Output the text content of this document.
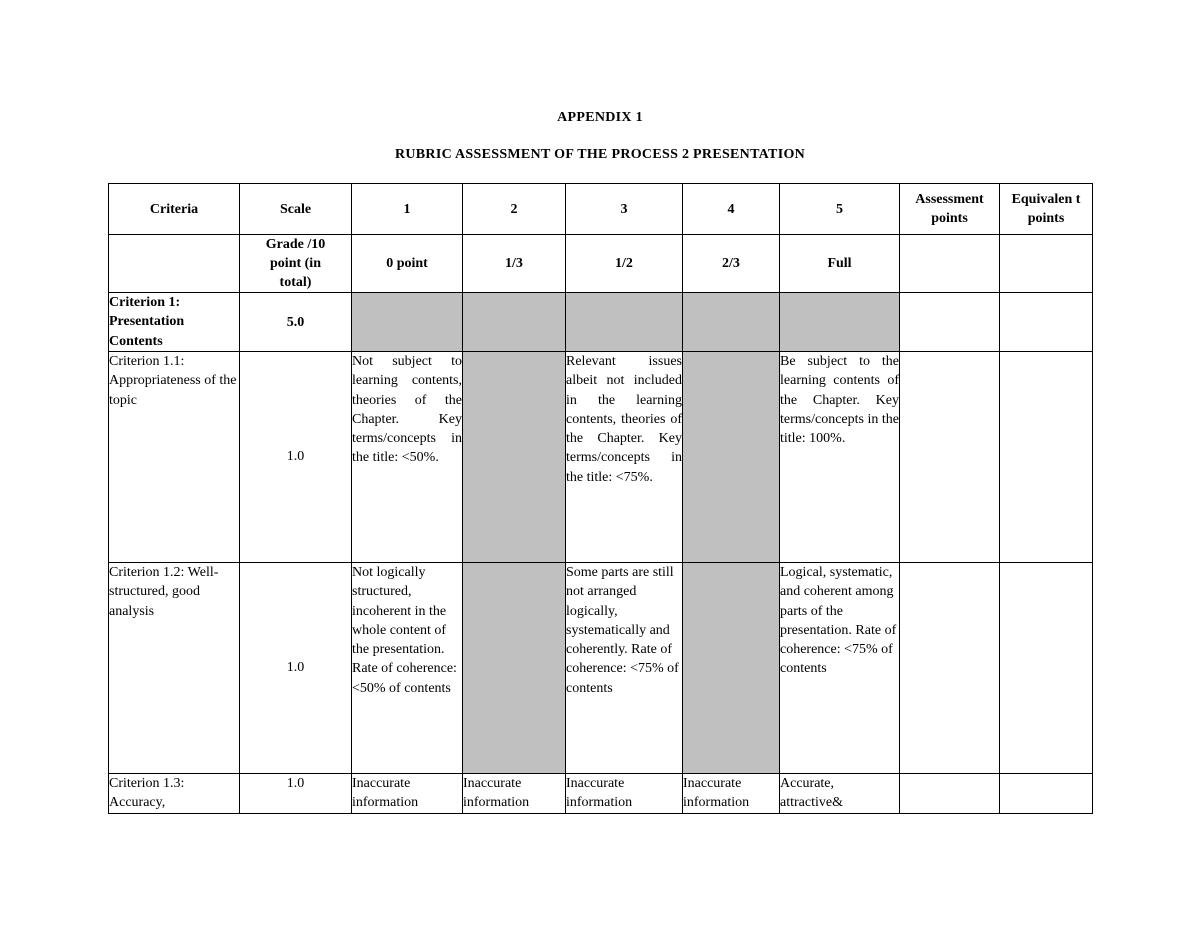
APPENDIX 1
RUBRIC ASSESSMENT OF THE PROCESS 2 PRESENTATION
Criteria	Scale	1	2	3	4	5	Assessment points	Equivalen t points
	Grade /10 point (in total)	0 point	1/3	1/2	2/3	Full		
Criterion 1: Presentation Contents	5.0							
Criterion 1.1: Appropriateness of the topic	1.0	Not subject to learning contents, theories of the Chapter. Key terms/concepts in the title: <50%.		Relevant issues albeit not included in the learning contents, theories of the Chapter. Key terms/concepts in the title: <75%.		Be subject to the learning contents of the Chapter. Key terms/concepts in the title: 100%.		
Criterion 1.2: Well-structured, good analysis	1.0	Not logically structured, incoherent in the whole content of the presentation. Rate of coherence: <50% of contents		Some parts are still not arranged logically, systematically and coherently. Rate of coherence: <75% of contents		Logical, systematic, and coherent among parts of the presentation. Rate of coherence: <75% of contents		
Criterion 1.3: Accuracy,	1.0	Inaccurate information	Inaccurate information	Inaccurate information	Inaccurate information	Accurate, attractive&		
